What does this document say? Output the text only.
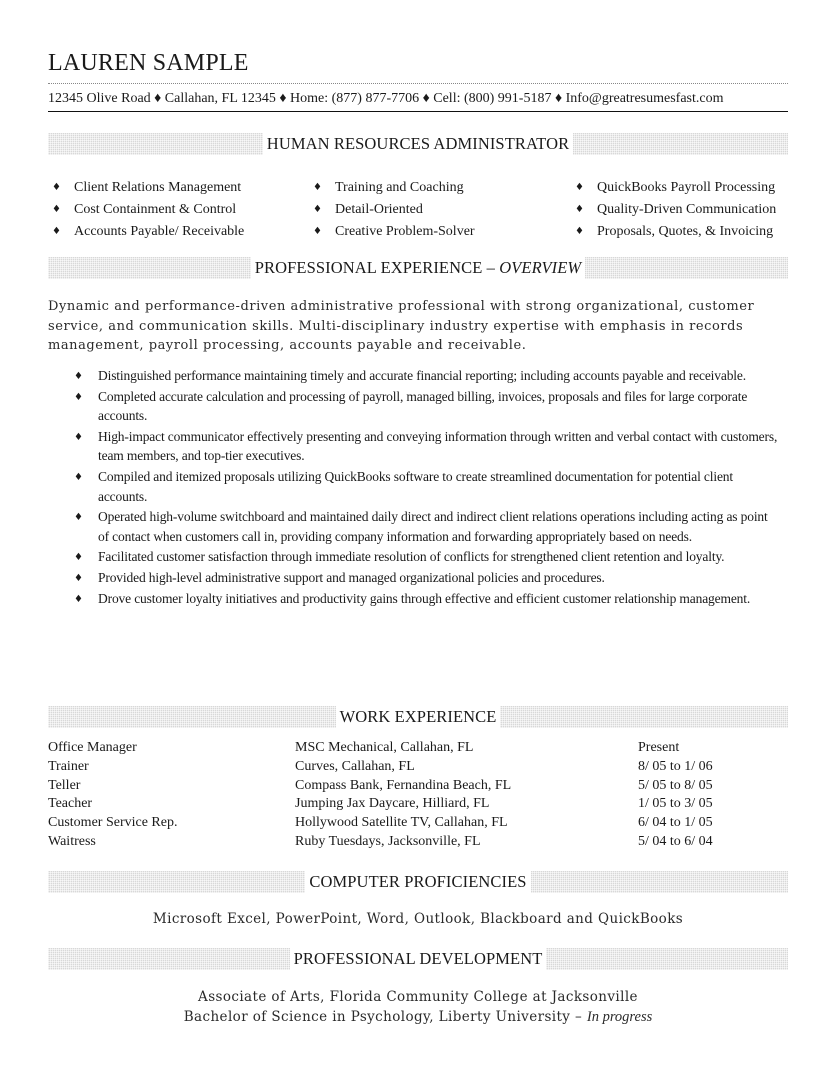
LAUREN SAMPLE
12345 Olive Road ♦ Callahan, FL 12345 ♦ Home: (877) 877-7706 ♦ Cell: (800) 991-5187 ♦ Info@greatresumesfast.com
HUMAN RESOURCES ADMINISTRATOR
♦ Client Relations Management
♦ Cost Containment & Control
♦ Accounts Payable/ Receivable
♦ Training and Coaching
♦ Detail-Oriented
♦ Creative Problem-Solver
♦ QuickBooks Payroll Processing
♦ Quality-Driven Communication
♦ Proposals, Quotes, & Invoicing
PROFESSIONAL EXPERIENCE – OVERVIEW
Dynamic and performance-driven administrative professional with strong organizational, customer service, and communication skills. Multi-disciplinary industry expertise with emphasis in records management, payroll processing, accounts payable and receivable.
♦ Distinguished performance maintaining timely and accurate financial reporting; including accounts payable and receivable.
♦ Completed accurate calculation and processing of payroll, managed billing, invoices, proposals and files for large corporate accounts.
♦ High-impact communicator effectively presenting and conveying information through written and verbal contact with customers, team members, and top-tier executives.
♦ Compiled and itemized proposals utilizing QuickBooks software to create streamlined documentation for potential client accounts.
♦ Operated high-volume switchboard and maintained daily direct and indirect client relations operations including acting as point of contact when customers call in, providing company information and forwarding appropriately based on needs.
♦ Facilitated customer satisfaction through immediate resolution of conflicts for strengthened client retention and loyalty.
♦ Provided high-level administrative support and managed organizational policies and procedures.
♦ Drove customer loyalty initiatives and productivity gains through effective and efficient customer relationship management.
WORK EXPERIENCE
Office Manager	MSC Mechanical, Callahan, FL	Present
Trainer	Curves, Callahan, FL	8/ 05 to 1/ 06
Teller	Compass Bank, Fernandina Beach, FL	5/ 05 to 8/ 05
Teacher	Jumping Jax Daycare, Hilliard, FL	1/ 05 to 3/ 05
Customer Service Rep.	Hollywood Satellite TV, Callahan, FL	6/ 04 to 1/ 05
Waitress	Ruby Tuesdays, Jacksonville, FL	5/ 04 to 6/ 04
COMPUTER PROFICIENCIES
Microsoft Excel, PowerPoint, Word, Outlook, Blackboard and QuickBooks
PROFESSIONAL DEVELOPMENT
Associate of Arts, Florida Community College at Jacksonville
Bachelor of Science in Psychology, Liberty University – In progress
